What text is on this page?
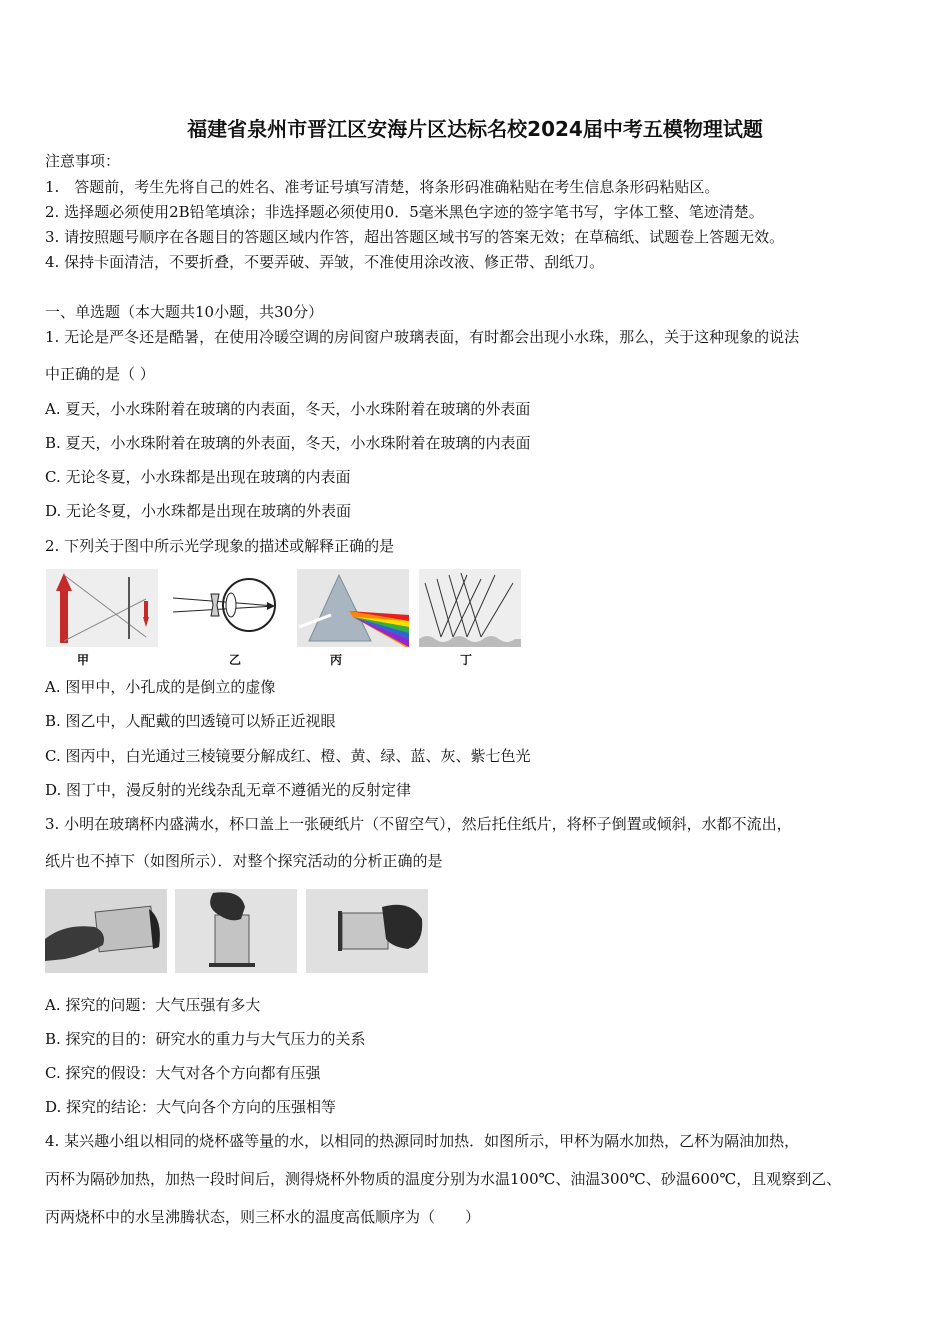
福建省泉州市晋江区安海片区达标名校2024届中考五模物理试题
注意事项：
1.　答题前，考生先将自己的姓名、准考证号填写清楚，将条形码准确粘贴在考生信息条形码粘贴区。
2. 选择题必须使用2B铅笔填涂；非选择题必须使用0．5毫米黑色字迹的签字笔书写，字体工整、笔迹清楚。
3. 请按照题号顺序在各题目的答题区域内作答，超出答题区域书写的答案无效；在草稿纸、试题卷上答题无效。
4. 保持卡面清洁，不要折叠，不要弄破、弄皱，不准使用涂改液、修正带、刮纸刀。
一、单选题（本大题共10小题，共30分）
1. 无论是严冬还是酷暑，在使用冷暖空调的房间窗户玻璃表面，有时都会出现小水珠，那么，关于这种现象的说法
中正确的是（ ）
A. 夏天，小水珠附着在玻璃的内表面，冬天，小水珠附着在玻璃的外表面
B. 夏天，小水珠附着在玻璃的外表面，冬天，小水珠附着在玻璃的内表面
C. 无论冬夏，小水珠都是出现在玻璃的内表面
D. 无论冬夏，小水珠都是出现在玻璃的外表面
2. 下列关于图中所示光学现象的描述或解释正确的是
甲	乙	丙	丁
A. 图甲中，小孔成的是倒立的虚像
B. 图乙中，人配戴的凹透镜可以矫正近视眼
C. 图丙中，白光通过三棱镜要分解成红、橙、黄、绿、蓝、灰、紫七色光
D. 图丁中，漫反射的光线杂乱无章不遵循光的反射定律
3. 小明在玻璃杯内盛满水，杯口盖上一张硬纸片（不留空气），然后托住纸片，将杯子倒置或倾斜，水都不流出，
纸片也不掉下（如图所示）．对整个探究活动的分析正确的是
A. 探究的问题：大气压强有多大
B. 探究的目的：研究水的重力与大气压力的关系
C. 探究的假设：大气对各个方向都有压强
D. 探究的结论：大气向各个方向的压强相等
4. 某兴趣小组以相同的烧杯盛等量的水，以相同的热源同时加热．如图所示，甲杯为隔水加热，乙杯为隔油加热，
丙杯为隔砂加热，加热一段时间后，测得烧杯外物质的温度分别为水温100℃、油温300℃、砂温600℃，且观察到乙、
丙两烧杯中的水呈沸腾状态，则三杯水的温度高低顺序为（　　）
